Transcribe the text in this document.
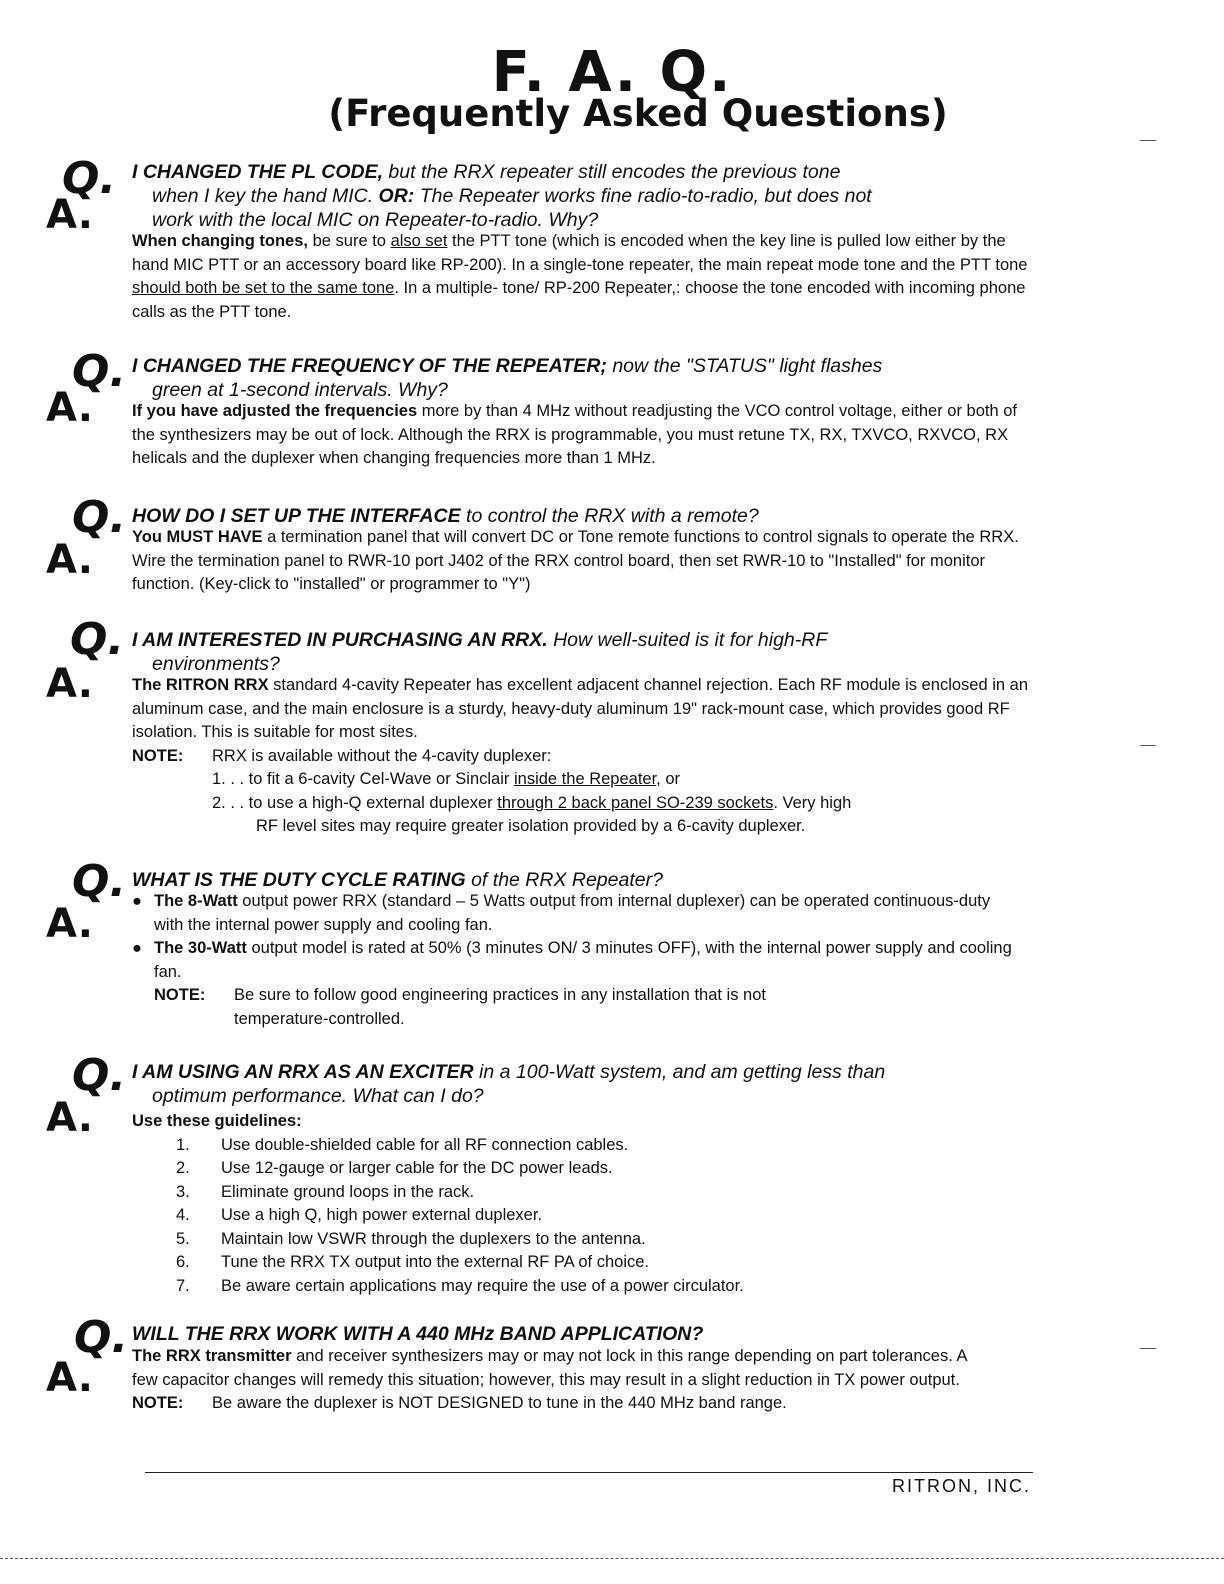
F. A. Q.
(Frequently Asked Questions)
Q.
A.
I CHANGED THE PL CODE, but the RRX repeater still encodes the previous tone
when I key the hand MIC. OR: The Repeater works fine radio-to-radio, but does not
work with the local MIC on Repeater-to-radio. Why?
When changing tones, be sure to also set the PTT tone (which is encoded when the key line is pulled low either by the hand MIC PTT or an accessory board like RP-200). In a single-tone repeater, the main repeat mode tone and the PTT tone should both be set to the same tone. In a multiple- tone/ RP-200 Repeater,: choose the tone encoded with incoming phone calls as the PTT tone.
Q.
A.
I CHANGED THE FREQUENCY OF THE REPEATER; now the "STATUS" light flashes
green at 1-second intervals. Why?
If you have adjusted the frequencies more by than 4 MHz without readjusting the VCO control voltage, either or both of the synthesizers may be out of lock. Although the RRX is programmable, you must retune TX, RX, TXVCO, RXVCO, RX helicals and the duplexer when changing frequencies more than 1 MHz.
Q.
A.
HOW DO I SET UP THE INTERFACE to control the RRX with a remote?
You MUST HAVE a termination panel that will convert DC or Tone remote functions to control signals to operate the RRX. Wire the termination panel to RWR-10 port J402 of the RRX control board, then set RWR-10 to "Installed" for monitor function. (Key-click to "installed" or programmer to "Y")
Q.
A.
I AM INTERESTED IN PURCHASING AN RRX. How well-suited is it for high-RF
environments?
The RITRON RRX standard 4-cavity Repeater has excellent adjacent channel rejection. Each RF module is enclosed in an aluminum case, and the main enclosure is a sturdy, heavy-duty aluminum 19" rack-mount case, which provides good RF isolation. This is suitable for most sites.
NOTE:	RRX is available without the 4-cavity duplexer:
1. . . to fit a 6-cavity Cel-Wave or Sinclair inside the Repeater, or
2. . . to use a high-Q external duplexer through 2 back panel SO-239 sockets. Very high
RF level sites may require greater isolation provided by a 6-cavity duplexer.
Q.
A.
WHAT IS THE DUTY CYCLE RATING of the RRX Repeater?
● The 8-Watt output power RRX (standard – 5 Watts output from internal duplexer) can be operated continuous-duty with the internal power supply and cooling fan.
● The 30-Watt output model is rated at 50% (3 minutes ON/ 3 minutes OFF), with the internal power supply and cooling fan.
NOTE:	Be sure to follow good engineering practices in any installation that is not temperature-controlled.
Q.
A.
I AM USING AN RRX AS AN EXCITER in a 100-Watt system, and am getting less than
optimum performance. What can I do?
Use these guidelines:
1.	Use double-shielded cable for all RF connection cables.
2.	Use 12-gauge or larger cable for the DC power leads.
3.	Eliminate ground loops in the rack.
4.	Use a high Q, high power external duplexer.
5.	Maintain low VSWR through the duplexers to the antenna.
6.	Tune the RRX TX output into the external RF PA of choice.
7.	Be aware certain applications may require the use of a power circulator.
Q.
A.
WILL THE RRX WORK WITH A 440 MHz BAND APPLICATION?
The RRX transmitter and receiver synthesizers may or may not lock in this range depending on part tolerances. A few capacitor changes will remedy this situation; however, this may result in a slight reduction in TX power output.
NOTE:	Be aware the duplexer is NOT DESIGNED to tune in the 440 MHz band range.
RITRON, INC.
